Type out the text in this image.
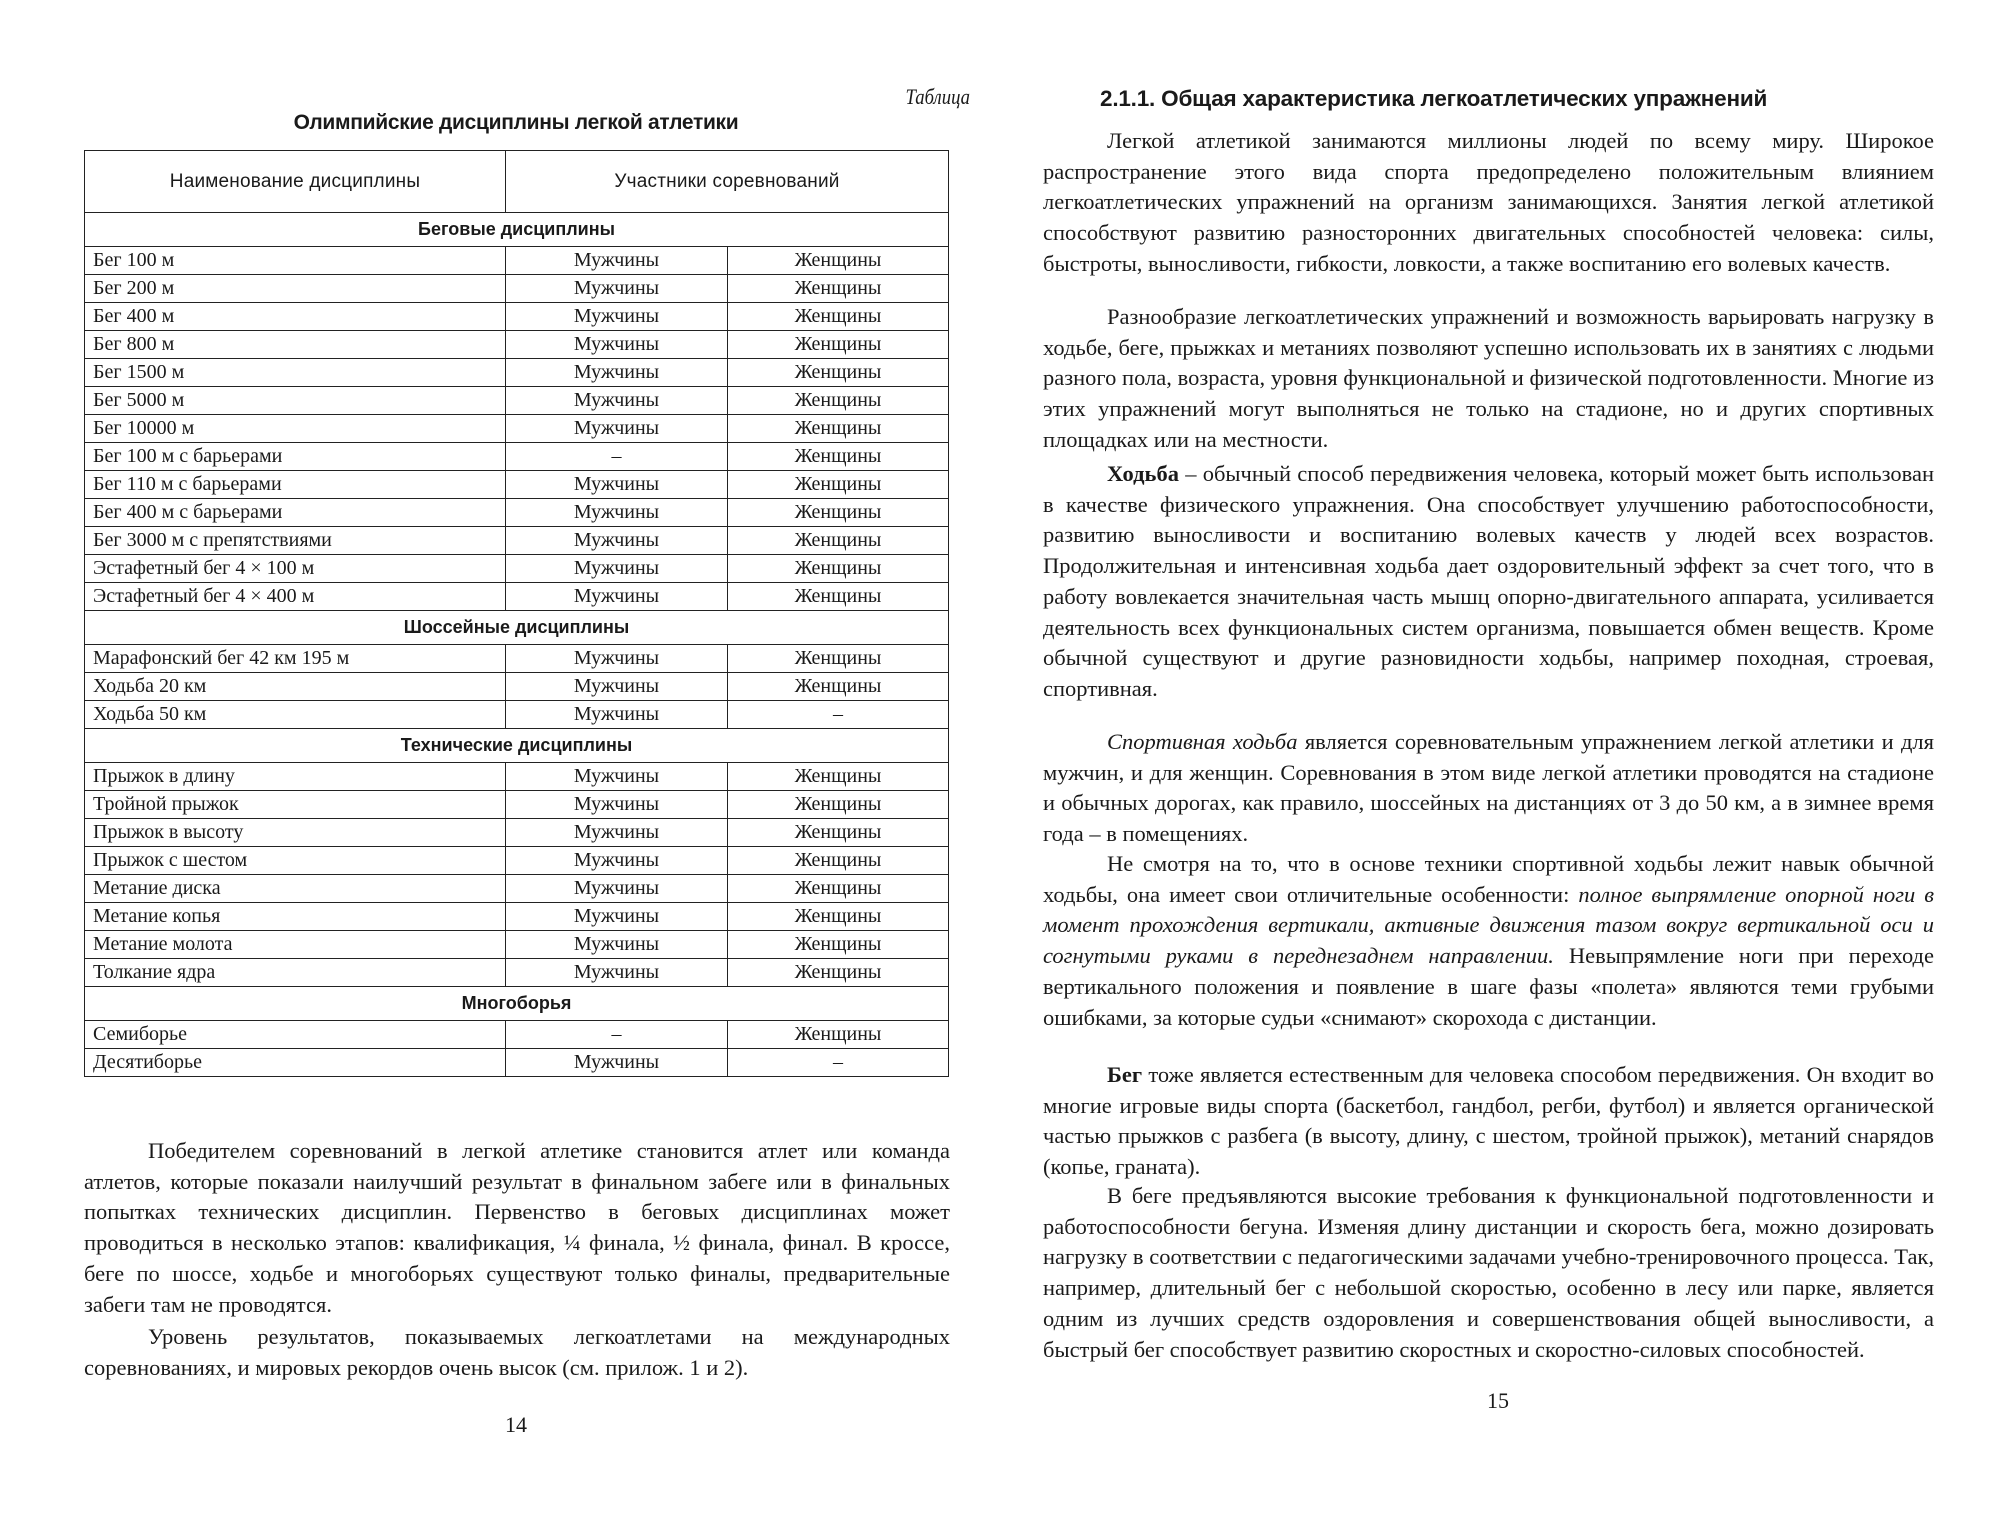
Таблица
Олимпийские дисциплины легкой атлетики
Наименование дисциплины	Участники соревнований	
Беговые дисциплины		
Бег 100 м	Мужчины	Женщины
Бег 200 м	Мужчины	Женщины
Бег 400 м	Мужчины	Женщины
Бег 800 м	Мужчины	Женщины
Бег 1500 м	Мужчины	Женщины
Бег 5000 м	Мужчины	Женщины
Бег 10000 м	Мужчины	Женщины
Бег 100 м с барьерами	–	Женщины
Бег 110 м с барьерами	Мужчины	Женщины
Бег 400 м с барьерами	Мужчины	Женщины
Бег 3000 м с препятствиями	Мужчины	Женщины
Эстафетный бег 4 × 100 м	Мужчины	Женщины
Эстафетный бег 4 × 400 м	Мужчины	Женщины
Шоссейные дисциплины		
Марафонский бег 42 км 195 м	Мужчины	Женщины
Ходьба 20 км	Мужчины	Женщины
Ходьба 50 км	Мужчины	–
Технические дисциплины		
Прыжок в длину	Мужчины	Женщины
Тройной прыжок	Мужчины	Женщины
Прыжок в высоту	Мужчины	Женщины
Прыжок с шестом	Мужчины	Женщины
Метание диска	Мужчины	Женщины
Метание копья	Мужчины	Женщины
Метание молота	Мужчины	Женщины
Толкание ядра	Мужчины	Женщины
Многоборья		
Семиборье	–	Женщины
Десятиборье	Мужчины	–

Победителем соревнований в легкой атлетике становится атлет или команда атлетов, которые показали наилучший результат в финальном забеге или в финальных попытках технических дисциплин. Первенство в беговых дисциплинах может проводиться в несколько этапов: квалификация, ¼ финала, ½ финала, финал. В кроссе, беге по шоссе, ходьбе и многоборьях существуют только финалы, предварительные забеги там не проводятся.

Уровень результатов, показываемых легкоатлетами на международных соревнованиях, и мировых рекордов очень высок (см. прилож. 1 и 2).

14
2.1.1. Общая характеристика легкоатлетических упражнений

Легкой атлетикой занимаются миллионы людей по всему миру. Широкое распространение этого вида спорта предопределено положительным влиянием легкоатлетических упражнений на организм занимающихся. Занятия легкой атлетикой способствуют развитию разносторонних двигательных способностей человека: силы, быстроты, выносливости, гибкости, ловкости, а также воспитанию его волевых качеств.

Разнообразие легкоатлетических упражнений и возможность варьировать нагрузку в ходьбе, беге, прыжках и метаниях позволяют успешно использовать их в занятиях с людьми разного пола, возраста, уровня функциональной и физической подготовленности. Многие из этих упражнений могут выполняться не только на стадионе, но и других спортивных площадках или на местности.

Ходьба – обычный способ передвижения человека, который может быть использован в качестве физического упражнения. Она способствует улучшению работоспособности, развитию выносливости и воспитанию волевых качеств у людей всех возрастов. Продолжительная и интенсивная ходьба дает оздоровительный эффект за счет того, что в работу вовлекается значительная часть мышц опорно-двигательного аппарата, усиливается деятельность всех функциональных систем организма, повышается обмен веществ. Кроме обычной существуют и другие разновидности ходьбы, например походная, строевая, спортивная.

Спортивная ходьба является соревновательным упражнением легкой атлетики и для мужчин, и для женщин. Соревнования в этом виде легкой атлетики проводятся на стадионе и обычных дорогах, как правило, шоссейных на дистанциях от 3 до 50 км, а в зимнее время года – в помещениях.

Не смотря на то, что в основе техники спортивной ходьбы лежит навык обычной ходьбы, она имеет свои отличительные особенности: полное выпрямление опорной ноги в момент прохождения вертикали, активные движения тазом вокруг вертикальной оси и согнутыми руками в переднезаднем направлении. Невыпрямление ноги при переходе вертикального положения и появление в шаге фазы «полета» являются теми грубыми ошибками, за которые судьи «снимают» скорохода с дистанции.

Бег тоже является естественным для человека способом передвижения. Он входит во многие игровые виды спорта (баскетбол, гандбол, регби, футбол) и является органической частью прыжков с разбега (в высоту, длину, с шестом, тройной прыжок), метаний снарядов (копье, граната).

В беге предъявляются высокие требования к функциональной подготовленности и работоспособности бегуна. Изменяя длину дистанции и скорость бега, можно дозировать нагрузку в соответствии с педагогическими задачами учебно-тренировочного процесса. Так, например, длительный бег с небольшой скоростью, особенно в лесу или парке, является одним из лучших средств оздоровления и совершенствования общей выносливости, а быстрый бег способствует развитию скоростных и скоростно-силовых способностей.

15
